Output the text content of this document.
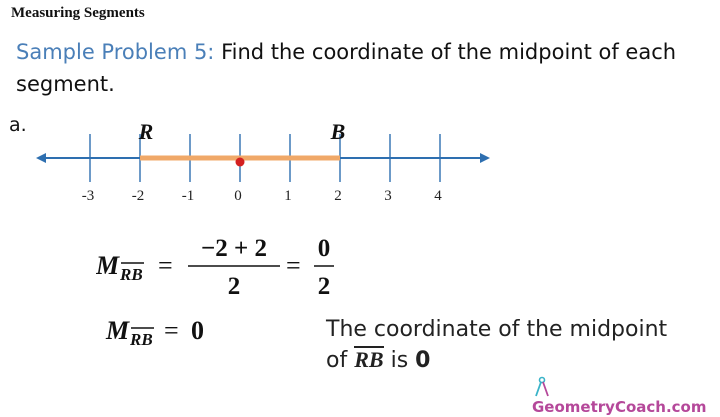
Measuring Segments
Sample Problem 5: Find the coordinate of the midpoint of each segment.
a.
-3	-2	-1	0	1	2	3	4
R	B
M RB =
−2 + 2
2
=
0
2
M RB = 0	The coordinate of the midpoint
of RB is 0
GeometryCoach.com
